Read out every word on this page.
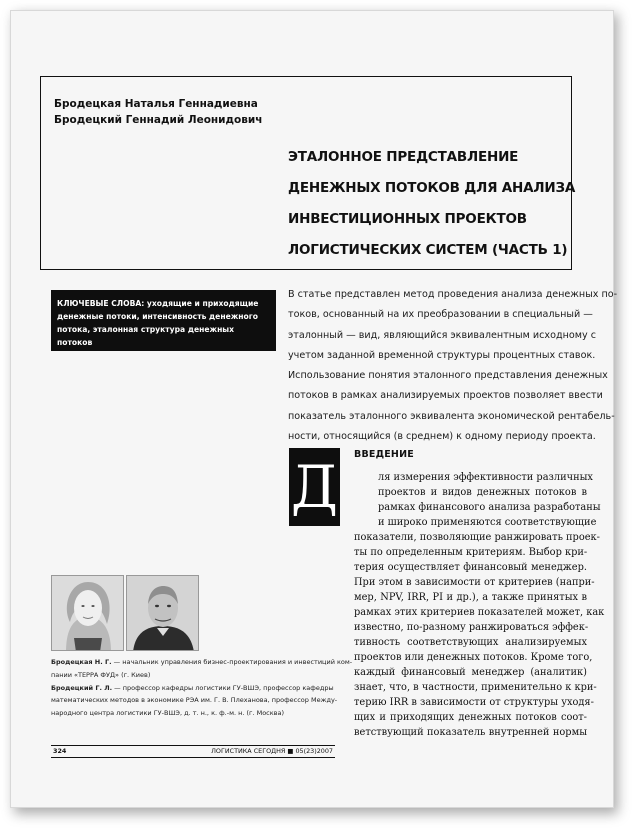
Бродецкая Наталья Геннадиевна
Бродецкий Геннадий Леонидович
ЭТАЛОННОЕ ПРЕДСТАВЛЕНИЕ
ДЕНЕЖНЫХ ПОТОКОВ ДЛЯ АНАЛИЗА
ИНВЕСТИЦИОННЫХ ПРОЕКТОВ
ЛОГИСТИЧЕСКИХ СИСТЕМ (ЧАСТЬ 1)
КЛЮЧЕВЫЕ СЛОВА: уходящие и приходящие
денежные потоки, интенсивность денежного
потока, эталонная структура денежных потоков
В статье представлен метод проведения анализа денежных по-
токов, основанный на их преобразовании в специальный —
эталонный — вид, являющийся эквивалентным исходному с
учетом заданной временной структуры процентных ставок.
Использование понятия эталонного представления денежных
потоков в рамках анализируемых проектов позволяет ввести
показатель эталонного эквивалента экономической рентабель-
ности, относящийся (в среднем) к одному периоду проекта.
Д ВВЕДЕНИЕ
ля измерения эффективности различных
проектов и видов денежных потоков в
рамках финансового анализа разработаны
и широко применяются соответствующие
показатели, позволяющие ранжировать проек-
ты по определенным критериям. Выбор кри-
терия осуществляет финансовый менеджер.
При этом в зависимости от критериев (напри-
мер, NPV, IRR, PI и др.), а также принятых в
рамках этих критериев показателей может, как
известно, по-разному ранжироваться эффек-
тивность соответствующих анализируемых
проектов или денежных потоков. Кроме того,
каждый финансовый менеджер (аналитик)
знает, что, в частности, применительно к кри-
терию IRR в зависимости от структуры уходя-
щих и приходящих денежных потоков соот-
ветствующий показатель внутренней нормы
Бродецкая Н. Г. — начальник управления бизнес-проектирования и инвестиций ком-
пании «ТЕРРА ФУД» (г. Киев)
Бродецкий Г. Л. — профессор кафедры логистики ГУ-ВШЭ, профессор кафедры
математических методов в экономике РЭА им. Г. В. Плеханова, профессор Между-
народного центра логистики ГУ-ВШЭ, д. т. н., к. ф.-м. н. (г. Москва)
324	ЛОГИСТИКА СЕГОДНЯ ■ 05(23)2007
